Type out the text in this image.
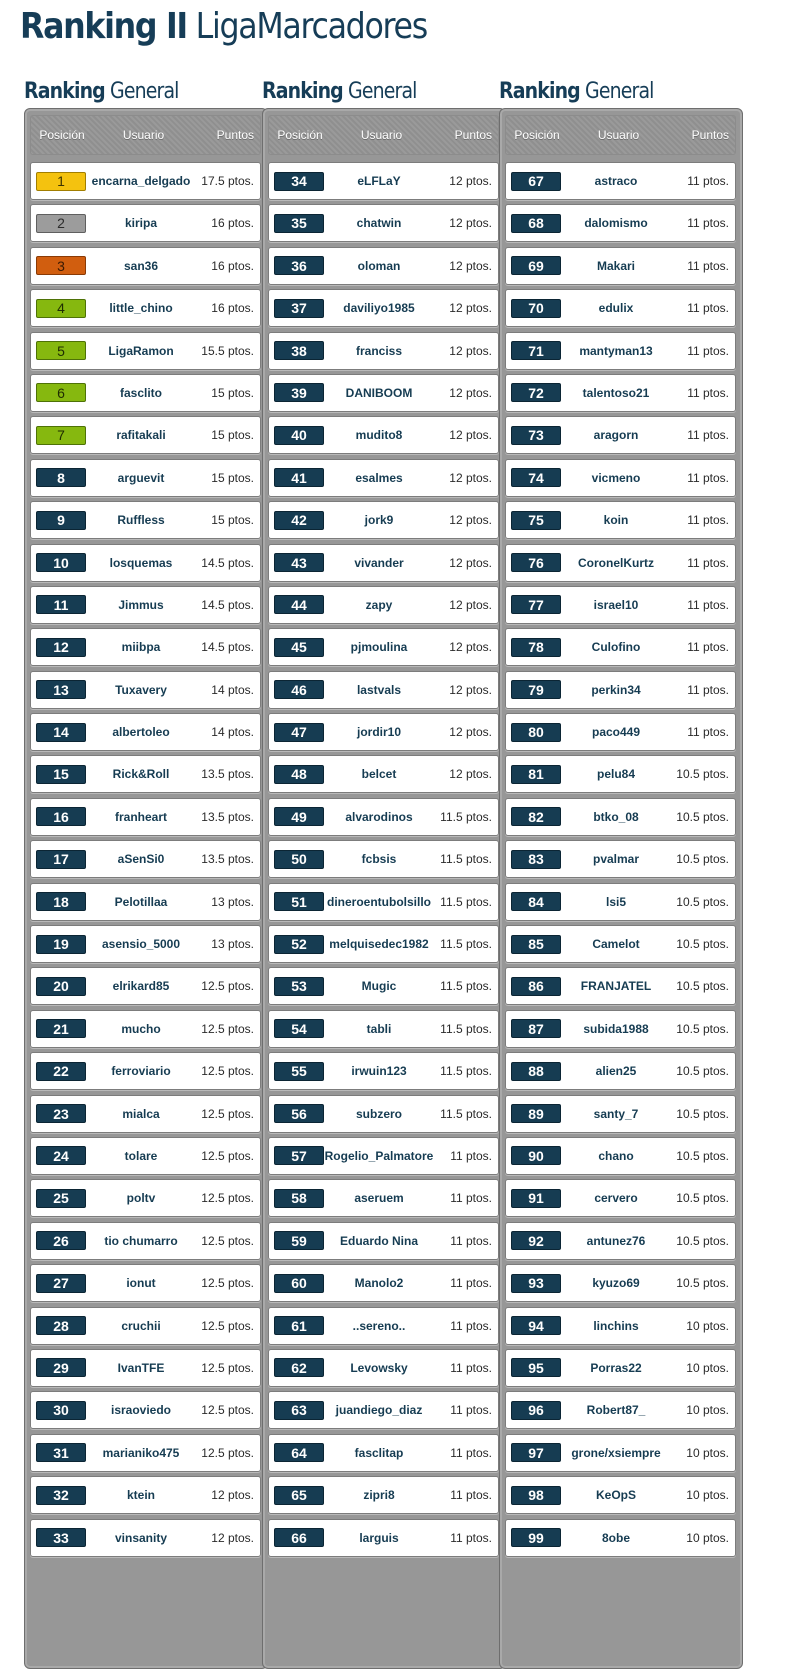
Ranking II LigaMarcadores
Ranking General
Posición	Usuario	Puntos
1	encarna_delgado 17.5 ptos.
2	kiripa	16 ptos.
3	san36	16 ptos.
4	little_chino	16 ptos.
5	LigaRamon	15.5 ptos.
6	fasclito	15 ptos.
7	rafitakali	15 ptos.
8	arguevit	15 ptos.
9	Ruffless	15 ptos.
10	losquemas	14.5 ptos.
11	Jimmus	14.5 ptos.
12	miibpa	14.5 ptos.
13	Tuxavery	14 ptos.
14	albertoleo	14 ptos.
15	Rick&Roll	13.5 ptos.
16	franheart	13.5 ptos.
17	aSenSi0	13.5 ptos.
18	Pelotillaa	13 ptos.
19	asensio_5000	13 ptos.
20	elrikard85	12.5 ptos.
21	mucho	12.5 ptos.
22	ferroviario	12.5 ptos.
23	mialca	12.5 ptos.
24	tolare	12.5 ptos.
25	poltv	12.5 ptos.
26	tio chumarro	12.5 ptos.
27	ionut	12.5 ptos.
28	cruchii	12.5 ptos.
29	IvanTFE	12.5 ptos.
30	israoviedo	12.5 ptos.
31	marianiko475	12.5 ptos.
32	ktein	12 ptos.
33	vinsanity	12 ptos.
Ranking General
Posición	Usuario	Puntos
34	eLFLaY	12 ptos.
35	chatwin	12 ptos.
36	oloman	12 ptos.
37	daviliyo1985	12 ptos.
38	franciss	12 ptos.
39	DANIBOOM	12 ptos.
40	mudito8	12 ptos.
41	esalmes	12 ptos.
42	jork9	12 ptos.
43	vivander	12 ptos.
44	zapy	12 ptos.
45	pjmoulina	12 ptos.
46	lastvals	12 ptos.
47	jordir10	12 ptos.
48	belcet	12 ptos.
49	alvarodinos	11.5 ptos.
50	fcbsis	11.5 ptos.
51	dineroentubolsillo 11.5 ptos.
52	melquisedec1982 11.5 ptos.
53	Mugic	11.5 ptos.
54	tabli	11.5 ptos.
55	irwuin123	11.5 ptos.
56	subzero	11.5 ptos.
57	Rogelio_Palmatore	11 ptos.
58	aseruem	11 ptos.
59	Eduardo Nina	11 ptos.
60	Manolo2	11 ptos.
61	..sereno..	11 ptos.
62	Levowsky	11 ptos.
63	juandiego_diaz	11 ptos.
64	fasclitap	11 ptos.
65	zipri8	11 ptos.
66	larguis	11 ptos.
Ranking General
Posición	Usuario	Puntos
67	astraco	11 ptos.
68	dalomismo	11 ptos.
69	Makari	11 ptos.
70	edulix	11 ptos.
71	mantyman13	11 ptos.
72	talentoso21	11 ptos.
73	aragorn	11 ptos.
74	vicmeno	11 ptos.
75	koin	11 ptos.
76	CoronelKurtz	11 ptos.
77	israel10	11 ptos.
78	Culofino	11 ptos.
79	perkin34	11 ptos.
80	paco449	11 ptos.
81	pelu84	10.5 ptos.
82	btko_08	10.5 ptos.
83	pvalmar	10.5 ptos.
84	lsi5	10.5 ptos.
85	Camelot	10.5 ptos.
86	FRANJATEL	10.5 ptos.
87	subida1988	10.5 ptos.
88	alien25	10.5 ptos.
89	santy_7	10.5 ptos.
90	chano	10.5 ptos.
91	cervero	10.5 ptos.
92	antunez76	10.5 ptos.
93	kyuzo69	10.5 ptos.
94	linchins	10 ptos.
95	Porras22	10 ptos.
96	Robert87_	10 ptos.
97	grone/xsiempre	10 ptos.
98	KeOpS	10 ptos.
99	8obe	10 ptos.
